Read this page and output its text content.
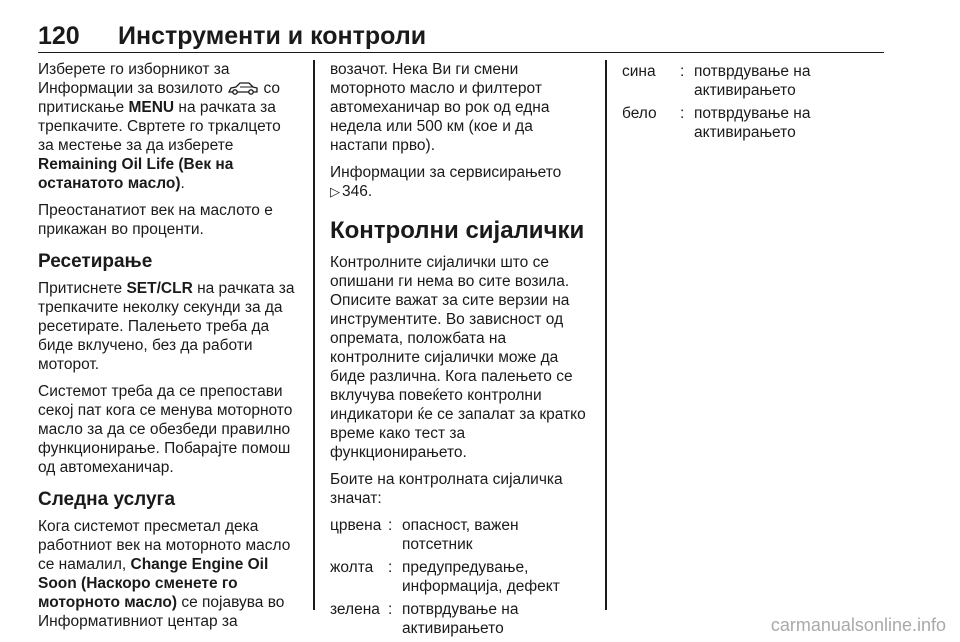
120 Инструменти и контроли

Изберете го изборникот за Информации за возилото  со притискање MENU на рачката за трепкачите. Свртете го тркалцето за местење за да изберете Remaining Oil Life (Век на останатото масло).

Преостанатиот век на маслото е прикажан во проценти.

Ресетирање

Притиснете SET/CLR на рачката за трепкачите неколку секунди за да ресетирате. Палењето треба да биде вклучено, без да работи моторот.

Системот треба да се препостави секој пат кога се менува моторното масло за да се обезбеди правилно функционирање. Побарајте помош од автомеханичар.

Следна услуга

Кога системот пресметал дека работниот век на моторното масло се намалил, Change Engine Oil Soon (Наскоро сменете го моторното масло) се појавува во Информативниот центар за

возачот. Нека Ви ги смени моторното масло и филтерот автомеханичар во рок од една недела или 500 км (кое и да настапи прво).

Информации за сервисирањето
▷ 346.

Контролни сијалички

Контролните сијалички што се опишани ги нема во сите возила. Описите важат за сите верзии на инструментите. Во зависност од опремата, положбата на контролните сијалички може да биде различна. Кога палењето се вклучува повеќето контролни индикатори ќе се запалат за кратко време како тест за функционирањето.

Боите на контролната сијаличка значат:

црвена : опасност, важен потсетник
жолта : предупредување, информација, дефект
зелена : потврдување на активирањето
сина	: потврдување на активирањето
бело	: потврдување на активирањето
carmanualsonline.info
